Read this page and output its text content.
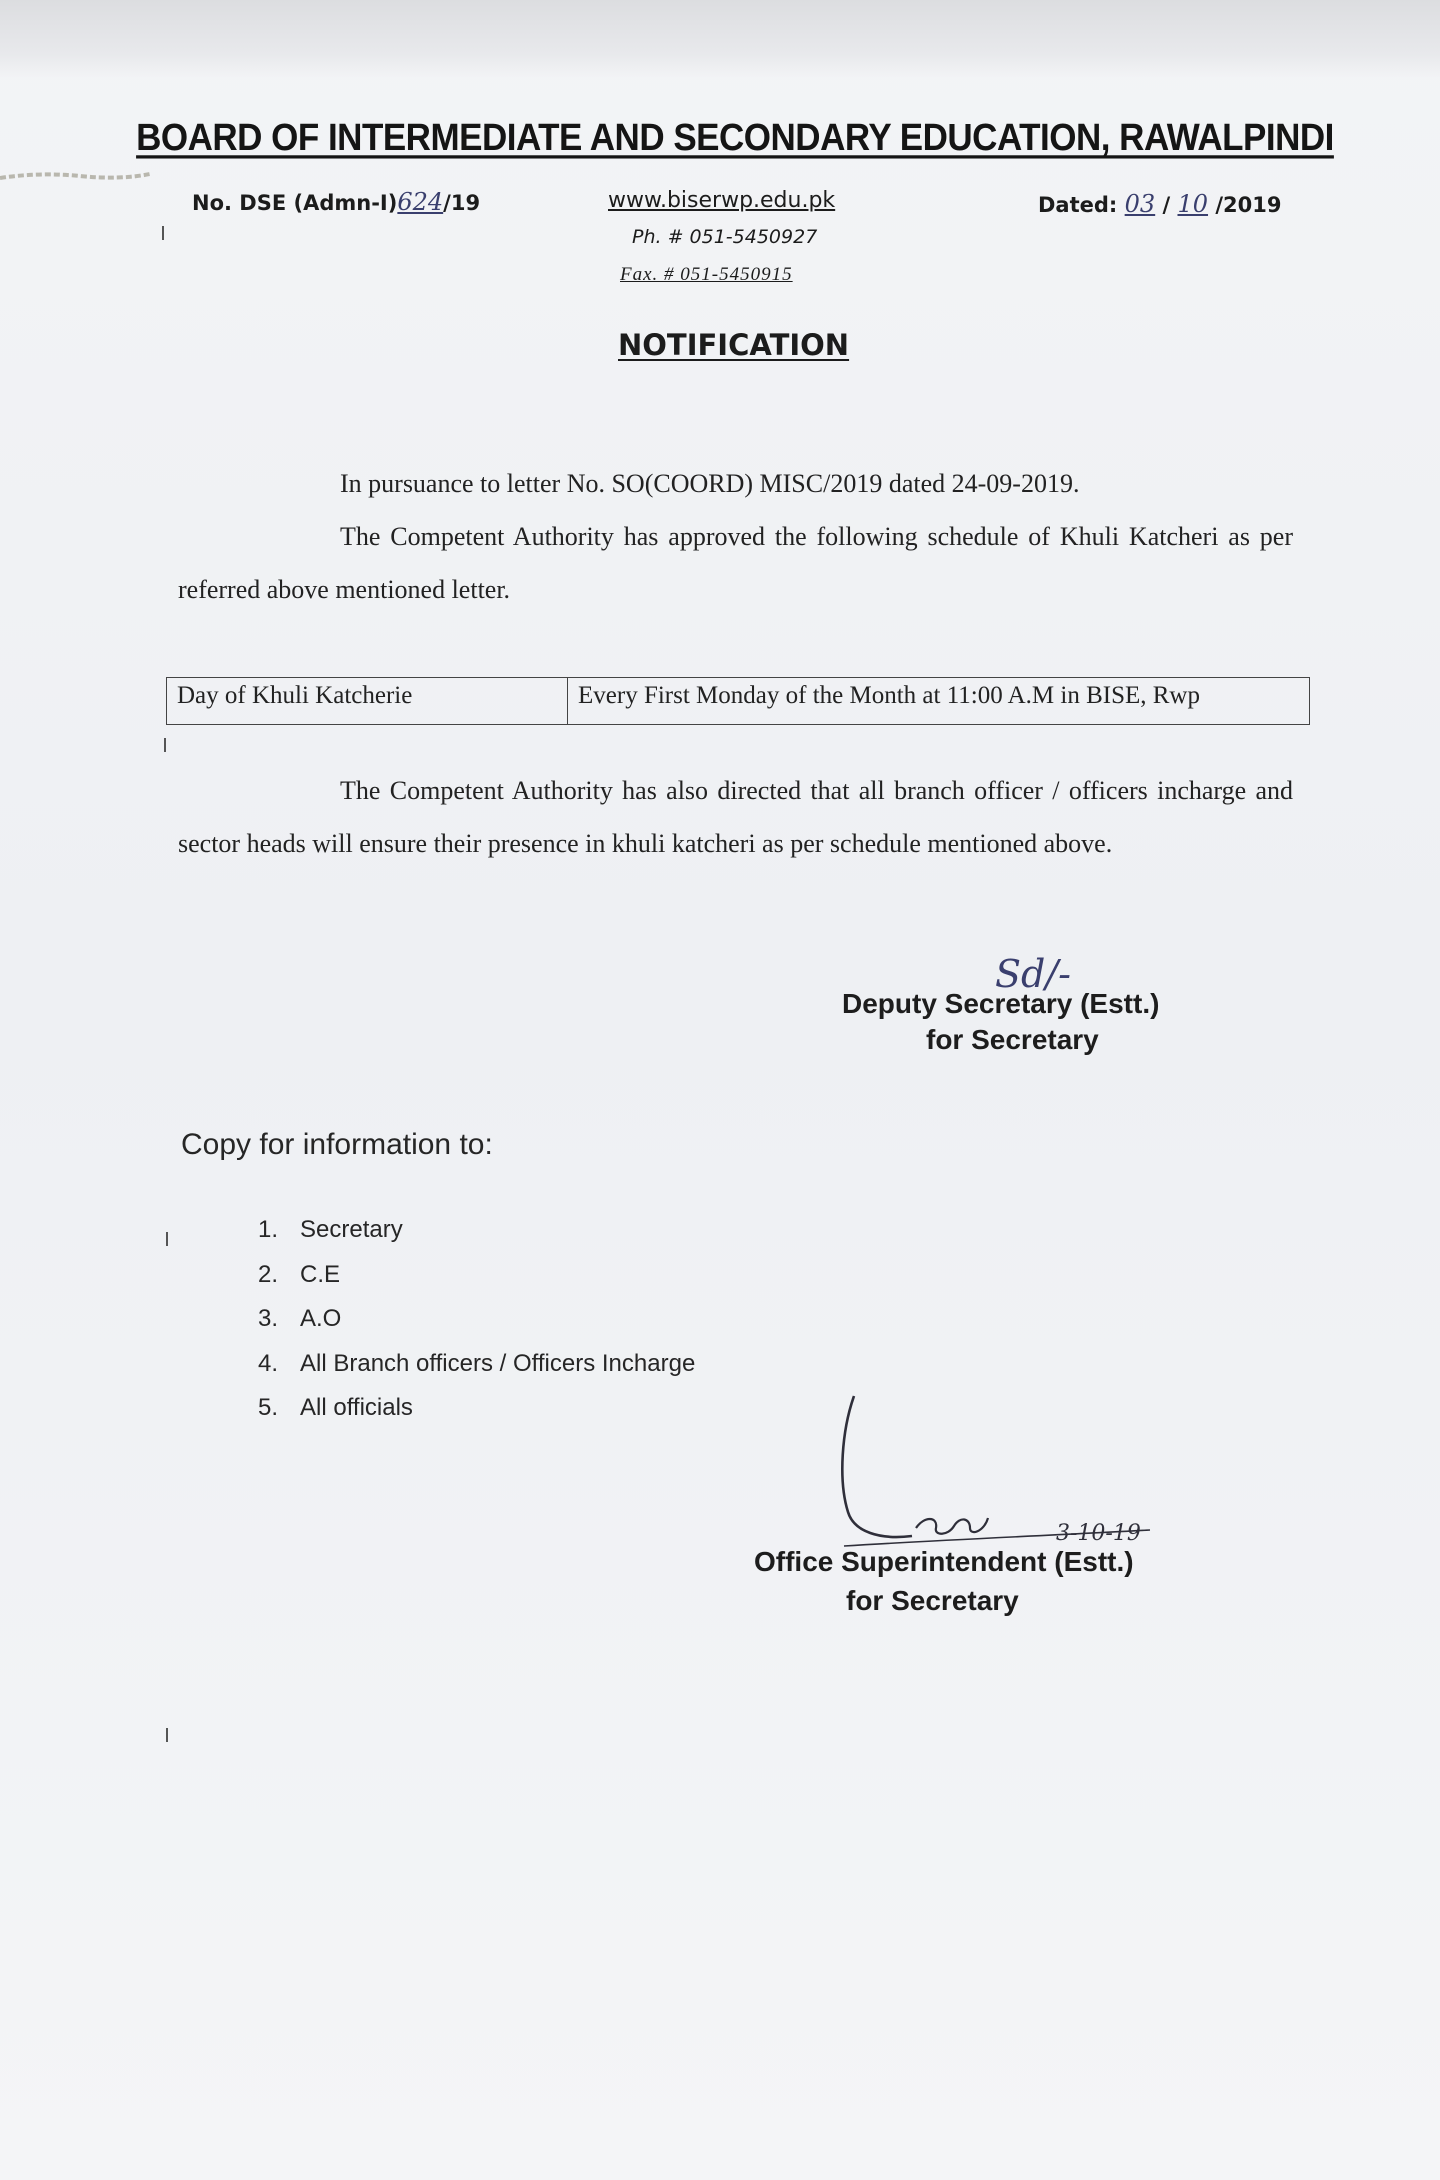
BOARD OF INTERMEDIATE AND SECONDARY EDUCATION, RAWALPINDI
No. DSE (Admn-I)624/19	www.biserwp.edu.pk
Ph. # 051-5450927
Fax. # 051-5450915
Dated: 03 / 10 /2019
NOTIFICATION
In pursuance to letter No. SO(COORD) MISC/2019 dated 24-09-2019.
The Competent Authority has approved the following schedule of Khuli Katcheri as per referred above mentioned letter.
Day of Khuli Katcherie	Every First Monday of the Month at 11:00 A.M in BISE, Rwp
The Competent Authority has also directed that all branch officer / officers incharge and sector heads will ensure their presence in khuli katcheri as per schedule mentioned above.
Sd/-
Deputy Secretary (Estt.)
for Secretary
Copy for information to:
1. Secretary
2. C.E
3. A.O
4. All Branch officers / Officers Incharge
5. All officials
3-10-19
Office Superintendent (Estt.)
for Secretary
